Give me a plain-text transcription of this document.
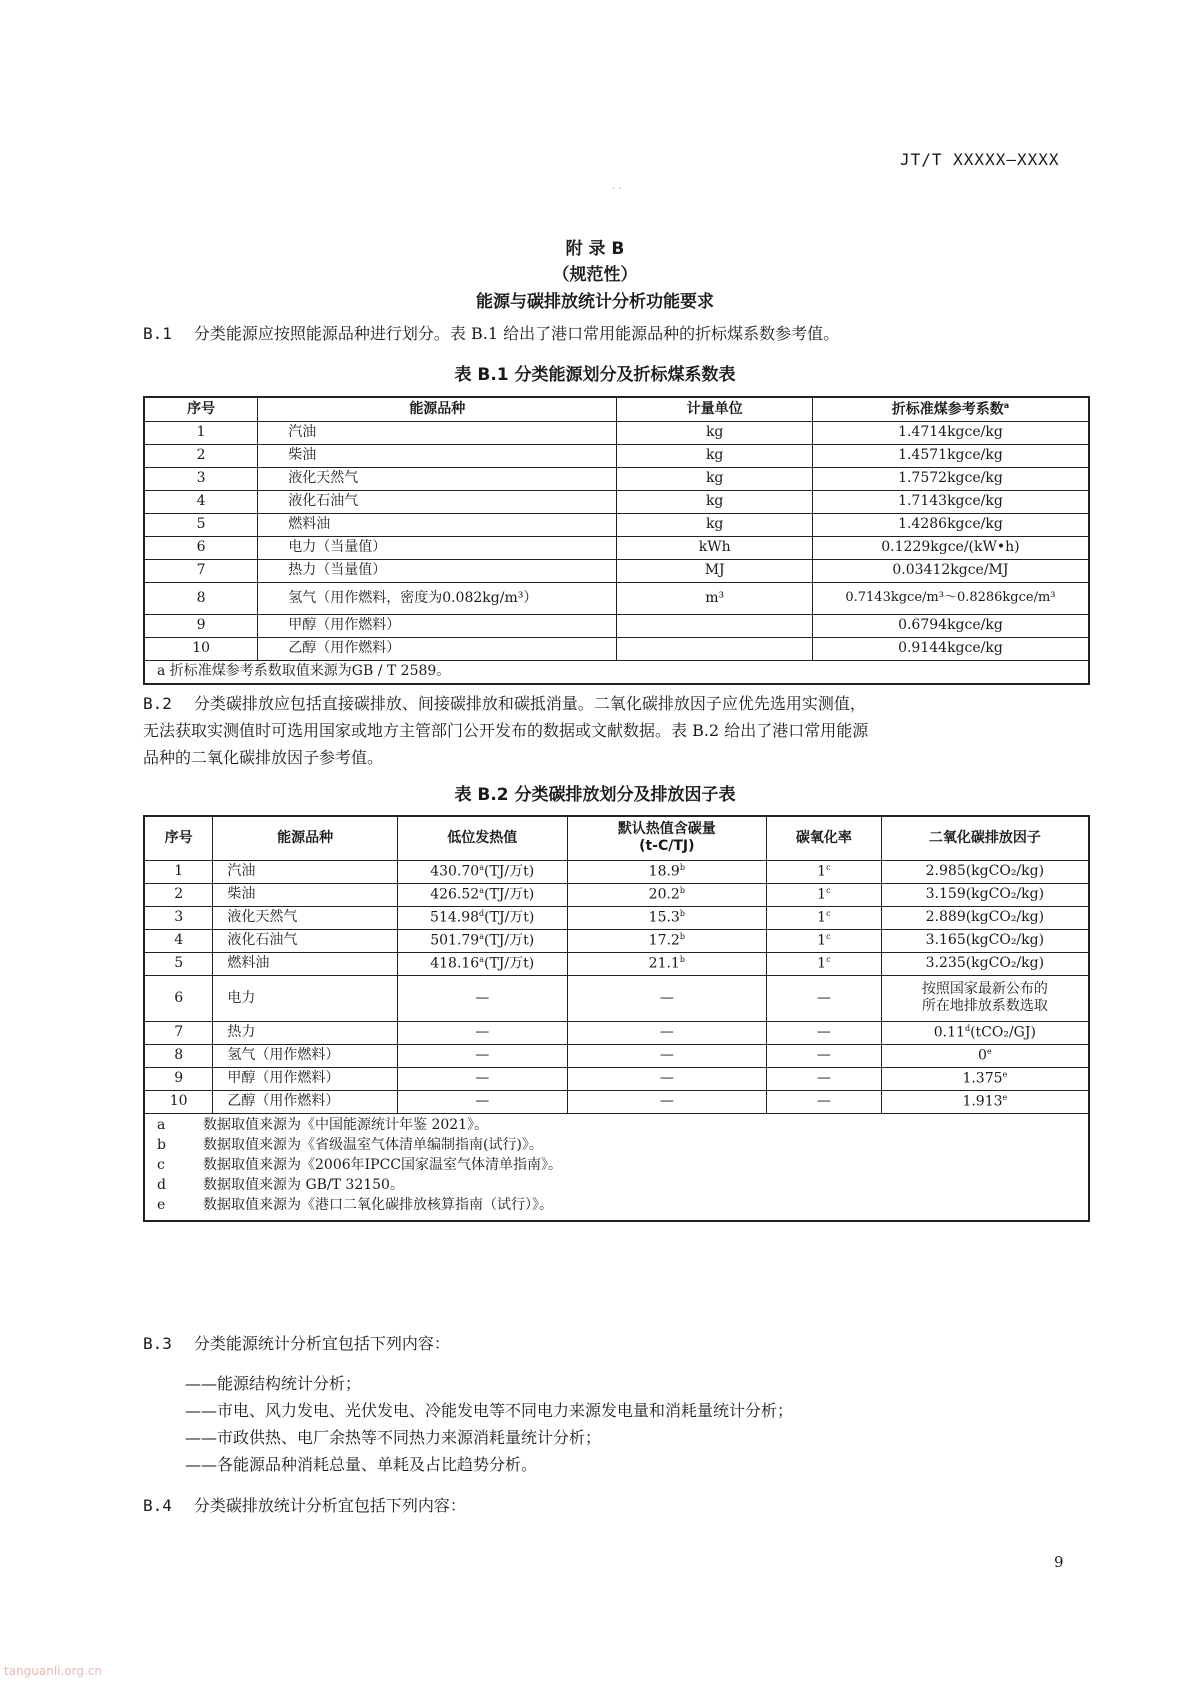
JT/T XXXXX—XXXX
· ·
附 录 B
（规范性）
能源与碳排放统计分析功能要求
B.1 分类能源应按照能源品种进行划分。表 B.1 给出了港口常用能源品种的折标煤系数参考值。
表 B.1 分类能源划分及折标煤系数表
序号	能源品种	计量单位	折标准煤参考系数$^a$
1	汽油	kg	1.4714kgce/kg
2	柴油	kg	1.4571kgce/kg
3	液化天然气	kg	1.7572kgce/kg
4	液化石油气	kg	1.7143kgce/kg
5	燃料油	kg	1.4286kgce/kg
6	电力（当量值）	kWh	0.1229kgce/(kW•h)
7	热力（当量值）	MJ	0.03412kgce/MJ
8	氢气（用作燃料，密度为0.082kg/m³）	m³	0.7143kgce/m³～0.8286kgce/m³
9	甲醇（用作燃料）		0.6794kgce/kg
10	乙醇（用作燃料）		0.9144kgce/kg
a 折标准煤参考系数取值来源为GB / T 2589。			
B.2 分类碳排放应包括直接碳排放、间接碳排放和碳抵消量。二氧化碳排放因子应优先选用实测值，
无法获取实测值时可选用国家或地方主管部门公开发布的数据或文献数据。表 B.2 给出了港口常用能源
品种的二氧化碳排放因子参考值。
表 B.2 分类碳排放划分及排放因子表
序号	能源品种	低位发热值	默认热值含碳量
(t-C/TJ)	碳氧化率	二氧化碳排放因子
1	汽油	430.70$^a$(TJ/万t)	18.9$^b$	1$^c$	2.985(kgCO₂/kg)
2	柴油	426.52$^a$(TJ/万t)	20.2$^b$	1$^c$	3.159(kgCO₂/kg)
3	液化天然气	514.98$^d$(TJ/万t)	15.3$^b$	1$^c$	2.889(kgCO₂/kg)
4	液化石油气	501.79$^a$(TJ/万t)	17.2$^b$	1$^c$	3.165(kgCO₂/kg)
5	燃料油	418.16$^a$(TJ/万t)	21.1$^b$	1$^c$	3.235(kgCO₂/kg)
6	电力	—	—	—	按照国家最新公布的
所在地排放系数选取

7	热力	—	—	—	0.11$^d$(tCO₂/GJ)
8	氢气（用作燃料）	—	—	—	0e
9	甲醇（用作燃料）	—	—	—	1.375e
10	乙醇（用作燃料）	—	—	—	1.913e

a 数据取值来源为《中国能源统计年鉴 2021》。
b 数据取值来源为《省级温室气体清单编制指南(试行)》。
c 数据取值来源为《2006年IPCC国家温室气体清单指南》。
d 数据取值来源为 GB/T 32150。
e 数据取值来源为《港口二氧化碳排放核算指南（试行）》。					
B.3 分类能源统计分析宜包括下列内容：
——能源结构统计分析；
——市电、风力发电、光伏发电、冷能发电等不同电力来源发电量和消耗量统计分析；
——市政供热、电厂余热等不同热力来源消耗量统计分析；
——各能源品种消耗总量、单耗及占比趋势分析。
B.4 分类碳排放统计分析宜包括下列内容：
9
tanguanli.org.cn
